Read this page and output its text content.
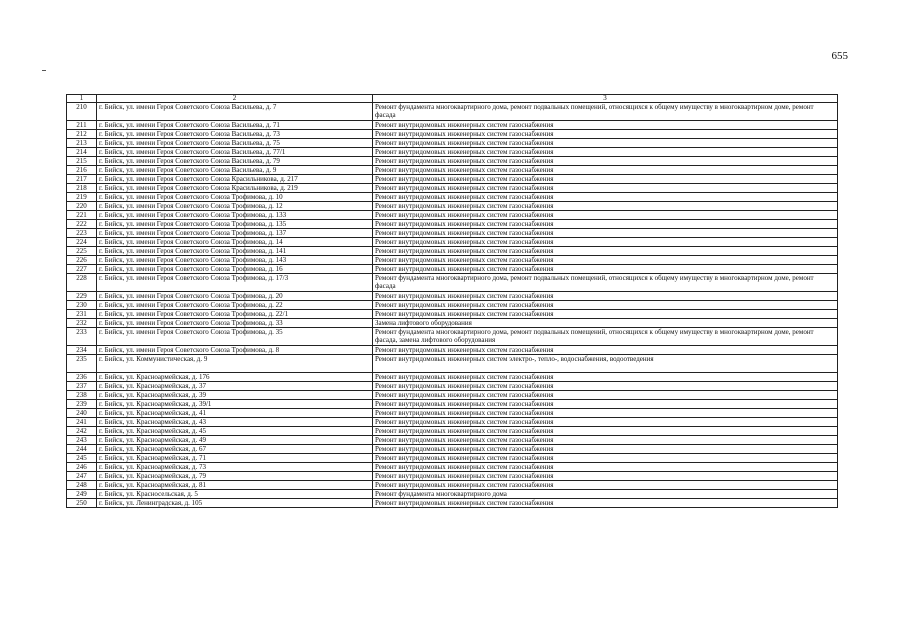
655
1	2	3
210	г. Бийск, ул. имени Героя Советского Союза Васильева, д. 7	Ремонт фундамента многоквартирного дома, ремонт подвальных помещений, относящихся к общему имуществу в многоквартирном доме, ремонт фасада
211	г. Бийск, ул. имени Героя Советского Союза Васильева, д. 71	Ремонт внутридомовых инженерных систем газоснабжения
212	г. Бийск, ул. имени Героя Советского Союза Васильева, д. 73	Ремонт внутридомовых инженерных систем газоснабжения
213	г. Бийск, ул. имени Героя Советского Союза Васильева, д. 75	Ремонт внутридомовых инженерных систем газоснабжения
214	г. Бийск, ул. имени Героя Советского Союза Васильева, д. 77/1	Ремонт внутридомовых инженерных систем газоснабжения
215	г. Бийск, ул. имени Героя Советского Союза Васильева, д. 79	Ремонт внутридомовых инженерных систем газоснабжения
216	г. Бийск, ул. имени Героя Советского Союза Васильева, д. 9	Ремонт внутридомовых инженерных систем газоснабжения
217	г. Бийск, ул. имени Героя Советского Союза Красильникова, д. 217	Ремонт внутридомовых инженерных систем газоснабжения
218	г. Бийск, ул. имени Героя Советского Союза Красильникова, д. 219	Ремонт внутридомовых инженерных систем газоснабжения
219	г. Бийск, ул. имени Героя Советского Союза Трофимова, д. 10	Ремонт внутридомовых инженерных систем газоснабжения
220	г. Бийск, ул. имени Героя Советского Союза Трофимова, д. 12	Ремонт внутридомовых инженерных систем газоснабжения
221	г. Бийск, ул. имени Героя Советского Союза Трофимова, д. 133	Ремонт внутридомовых инженерных систем газоснабжения
222	г. Бийск, ул. имени Героя Советского Союза Трофимова, д. 135	Ремонт внутридомовых инженерных систем газоснабжения
223	г. Бийск, ул. имени Героя Советского Союза Трофимова, д. 137	Ремонт внутридомовых инженерных систем газоснабжения
224	г. Бийск, ул. имени Героя Советского Союза Трофимова, д. 14	Ремонт внутридомовых инженерных систем газоснабжения
225	г. Бийск, ул. имени Героя Советского Союза Трофимова, д. 141	Ремонт внутридомовых инженерных систем газоснабжения
226	г. Бийск, ул. имени Героя Советского Союза Трофимова, д. 143	Ремонт внутридомовых инженерных систем газоснабжения
227	г. Бийск, ул. имени Героя Советского Союза Трофимова, д. 16	Ремонт внутридомовых инженерных систем газоснабжения
228	г. Бийск, ул. имени Героя Советского Союза Трофимова, д. 17/3	Ремонт фундамента многоквартирного дома, ремонт подвальных помещений, относящихся к общему имуществу в многоквартирном доме, ремонт фасада
229	г. Бийск, ул. имени Героя Советского Союза Трофимова, д. 20	Ремонт внутридомовых инженерных систем газоснабжения
230	г. Бийск, ул. имени Героя Советского Союза Трофимова, д. 22	Ремонт внутридомовых инженерных систем газоснабжения
231	г. Бийск, ул. имени Героя Советского Союза Трофимова, д. 22/1	Ремонт внутридомовых инженерных систем газоснабжения
232	г. Бийск, ул. имени Героя Советского Союза Трофимова, д. 33	Замена лифтового оборудования
233	г. Бийск, ул. имени Героя Советского Союза Трофимова, д. 35	Ремонт фундамента многоквартирного дома, ремонт подвальных помещений, относящихся к общему имуществу в многоквартирном доме, ремонт фасада, замена лифтового оборудования
234	г. Бийск, ул. имени Героя Советского Союза Трофимова, д. 8	Ремонт внутридомовых инженерных систем газоснабжения
235	г. Бийск, ул. Коммунистическая, д. 9	Ремонт внутридомовых инженерных систем электро-, тепло-, водоснабжения, водоотведения
236	г. Бийск, ул. Красноармейская, д. 176	Ремонт внутридомовых инженерных систем газоснабжения
237	г. Бийск, ул. Красноармейская, д. 37	Ремонт внутридомовых инженерных систем газоснабжения
238	г. Бийск, ул. Красноармейская, д. 39	Ремонт внутридомовых инженерных систем газоснабжения
239	г. Бийск, ул. Красноармейская, д. 39/1	Ремонт внутридомовых инженерных систем газоснабжения
240	г. Бийск, ул. Красноармейская, д. 41	Ремонт внутридомовых инженерных систем газоснабжения
241	г. Бийск, ул. Красноармейская, д. 43	Ремонт внутридомовых инженерных систем газоснабжения
242	г. Бийск, ул. Красноармейская, д. 45	Ремонт внутридомовых инженерных систем газоснабжения
243	г. Бийск, ул. Красноармейская, д. 49	Ремонт внутридомовых инженерных систем газоснабжения
244	г. Бийск, ул. Красноармейская, д. 67	Ремонт внутридомовых инженерных систем газоснабжения
245	г. Бийск, ул. Красноармейская, д. 71	Ремонт внутридомовых инженерных систем газоснабжения
246	г. Бийск, ул. Красноармейская, д. 73	Ремонт внутридомовых инженерных систем газоснабжения
247	г. Бийск, ул. Красноармейская, д. 79	Ремонт внутридомовых инженерных систем газоснабжения
248	г. Бийск, ул. Красноармейская, д. 81	Ремонт внутридомовых инженерных систем газоснабжения
249	г. Бийск, ул. Красносельская, д. 5	Ремонт фундамента многоквартирного дома
250	г. Бийск, ул. Ленинградская, д. 105	Ремонт внутридомовых инженерных систем газоснабжения
